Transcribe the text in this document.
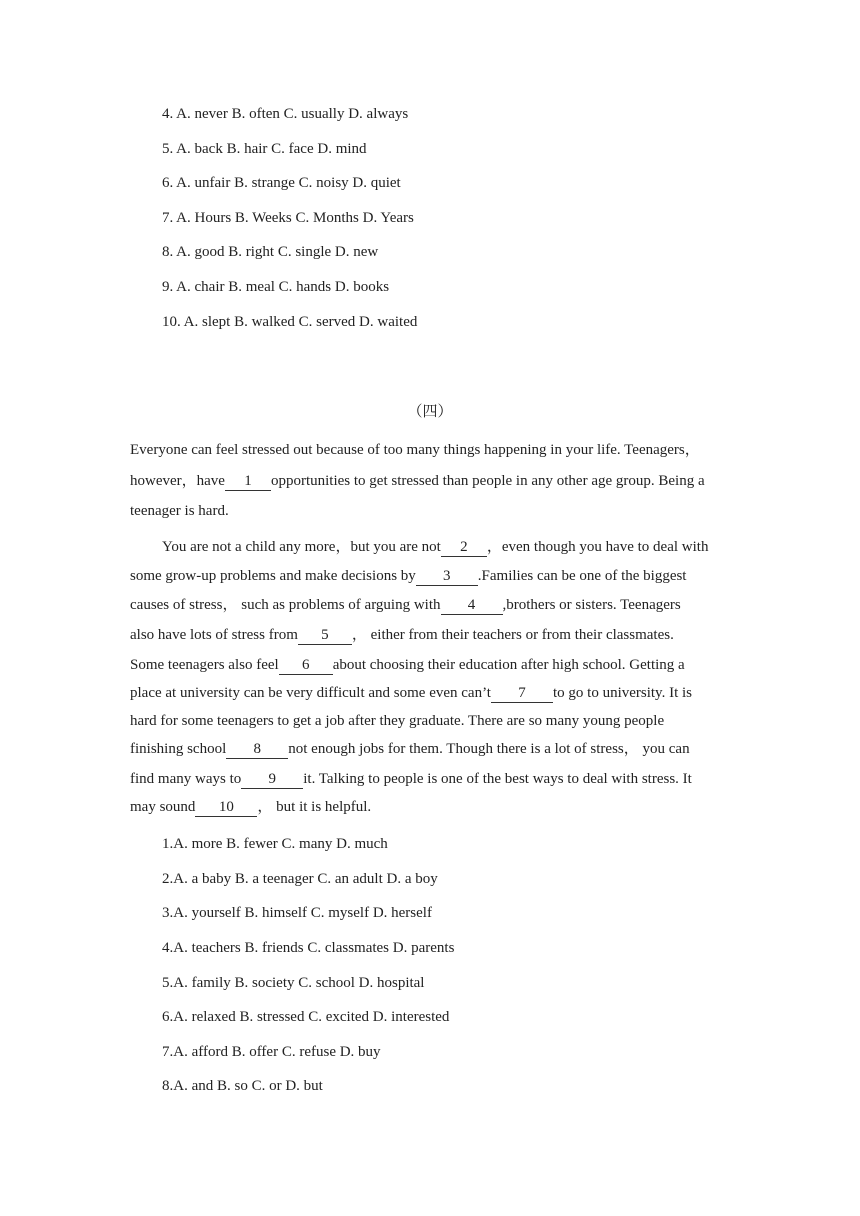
4. A. never B. often C. usually D. always
5. A. back B. hair C. face D. mind
6. A. unfair B. strange C. noisy D. quiet
7. A. Hours B. Weeks C. Months D. Years
8. A. good B. right C. single D. new
9. A. chair B. meal C. hands D. books
10. A. slept B. walked C. served D. waited
（四）
Everyone can feel stressed out because of too many things happening in your life. Teenagers，
however，have 1 opportunities to get stressed than people in any other age group. Being a
teenager is hard.
You are not a child any more，but you are not 2 ，even though you have to deal with
some grow-up problems and make decisions by 3 .Families can be one of the biggest
causes of stress， such as problems of arguing with 4 ,brothers or sisters. Teenagers
also have lots of stress from 5 ， either from their teachers or from their classmates.
Some teenagers also feel 6 about choosing their education after high school. Getting a
place at university can be very difficult and some even can’t 7 to go to university. It is
hard for some teenagers to get a job after they graduate. There are so many young people
finishing school 8 not enough jobs for them. Though there is a lot of stress， you can
find many ways to 9 it. Talking to people is one of the best ways to deal with stress. It
may sound 10 ， but it is helpful.
1.A. more B. fewer C. many D. much
2.A. a baby B. a teenager C. an adult D. a boy
3.A. yourself B. himself C. myself D. herself
4.A. teachers B. friends C. classmates D. parents
5.A. family B. society C. school D. hospital
6.A. relaxed B. stressed C. excited D. interested
7.A. afford B. offer C. refuse D. buy
8.A. and B. so C. or D. but
